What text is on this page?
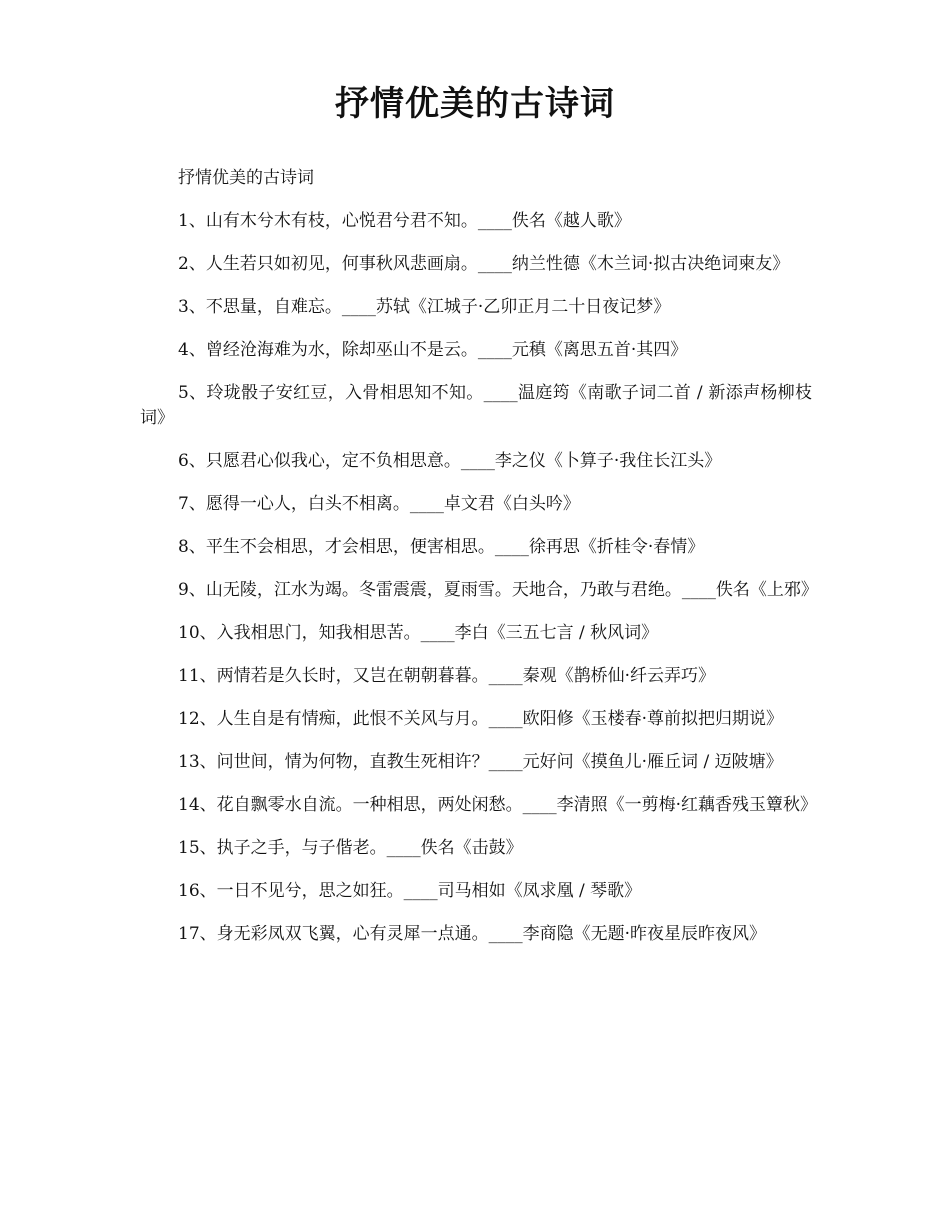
抒情优美的古诗词

抒情优美的古诗词

1、山有木兮木有枝，心悦君兮君不知。____佚名《越人歌》

2、人生若只如初见，何事秋风悲画扇。____纳兰性德《木兰词·拟古决绝词柬友》

3、不思量，自难忘。____苏轼《江城子·乙卯正月二十日夜记梦》

4、曾经沧海难为水，除却巫山不是云。____元稹《离思五首·其四》

5、玲珑骰子安红豆，入骨相思知不知。____温庭筠《南歌子词二首 / 新添声杨柳枝词》

6、只愿君心似我心，定不负相思意。____李之仪《卜算子·我住长江头》

7、愿得一心人，白头不相离。____卓文君《白头吟》

8、平生不会相思，才会相思，便害相思。____徐再思《折桂令·春情》

9、山无陵，江水为竭。冬雷震震，夏雨雪。天地合，乃敢与君绝。____佚名《上邪》

10、入我相思门，知我相思苦。____李白《三五七言 / 秋风词》

11、两情若是久长时，又岂在朝朝暮暮。____秦观《鹊桥仙·纤云弄巧》

12、人生自是有情痴，此恨不关风与月。____欧阳修《玉楼春·尊前拟把归期说》

13、问世间，情为何物，直教生死相许？____元好问《摸鱼儿·雁丘词 / 迈陂塘》

14、花自飘零水自流。一种相思，两处闲愁。____李清照《一剪梅·红藕香残玉簟秋》

15、执子之手，与子偕老。____佚名《击鼓》

16、一日不见兮，思之如狂。____司马相如《凤求凰 / 琴歌》

17、身无彩凤双飞翼，心有灵犀一点通。____李商隐《无题·昨夜星辰昨夜风》
